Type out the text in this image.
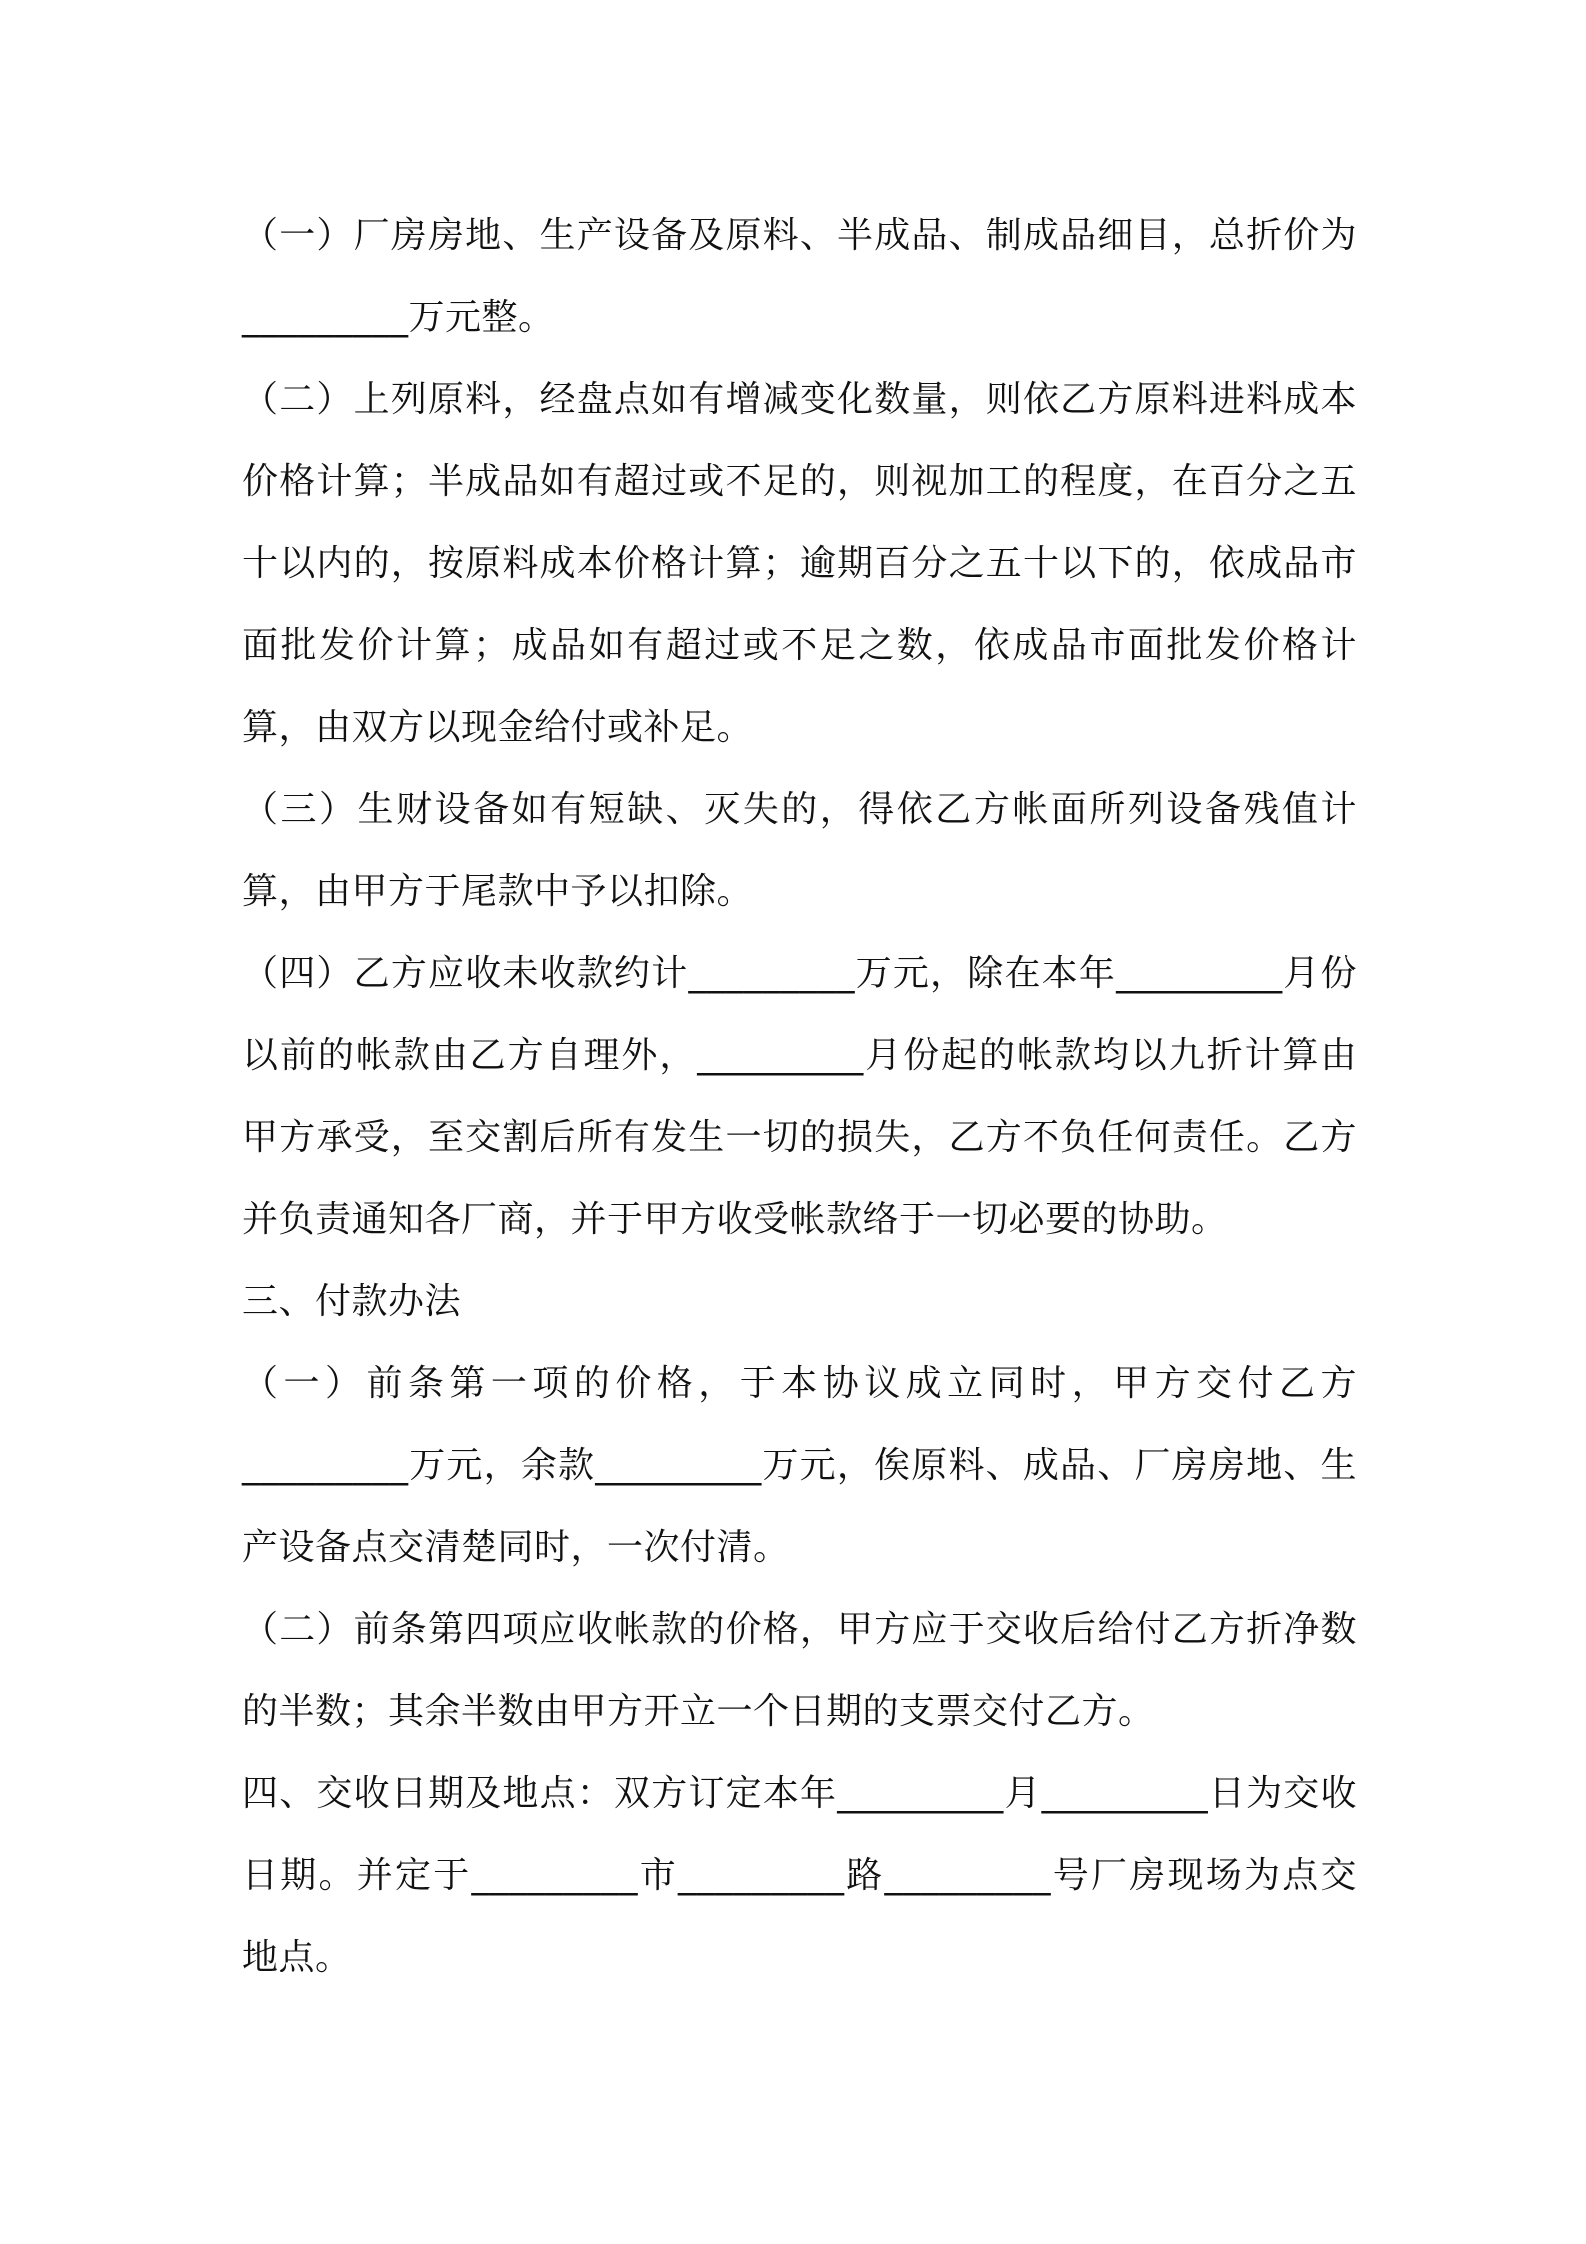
（一）厂房房地、生产设备及原料、半成品、制成品细目，总折价为_________万元整。

（二）上列原料，经盘点如有增减变化数量，则依乙方原料进料成本价格计算；半成品如有超过或不足的，则视加工的程度，在百分之五十以内的，按原料成本价格计算；逾期百分之五十以下的，依成品市面批发价计算；成品如有超过或不足之数，依成品市面批发价格计算，由双方以现金给付或补足。

（三）生财设备如有短缺、灭失的，得依乙方帐面所列设备残值计算，由甲方于尾款中予以扣除。

（四）乙方应收未收款约计_________万元，除在本年_________月份以前的帐款由乙方自理外，_________月份起的帐款均以九折计算由甲方承受，至交割后所有发生一切的损失，乙方不负任何责任。乙方并负责通知各厂商，并于甲方收受帐款络于一切必要的协助。

三、付款办法

（一）前条第一项的价格，于本协议成立同时，甲方交付乙方_________万元，余款_________万元，俟原料、成品、厂房房地、生产设备点交清楚同时，一次付清。

（二）前条第四项应收帐款的价格，甲方应于交收后给付乙方折净数的半数；其余半数由甲方开立一个日期的支票交付乙方。

四、交收日期及地点：双方订定本年_________月_________日为交收日期。并定于_________市_________路_________号厂房现场为点交地点。
